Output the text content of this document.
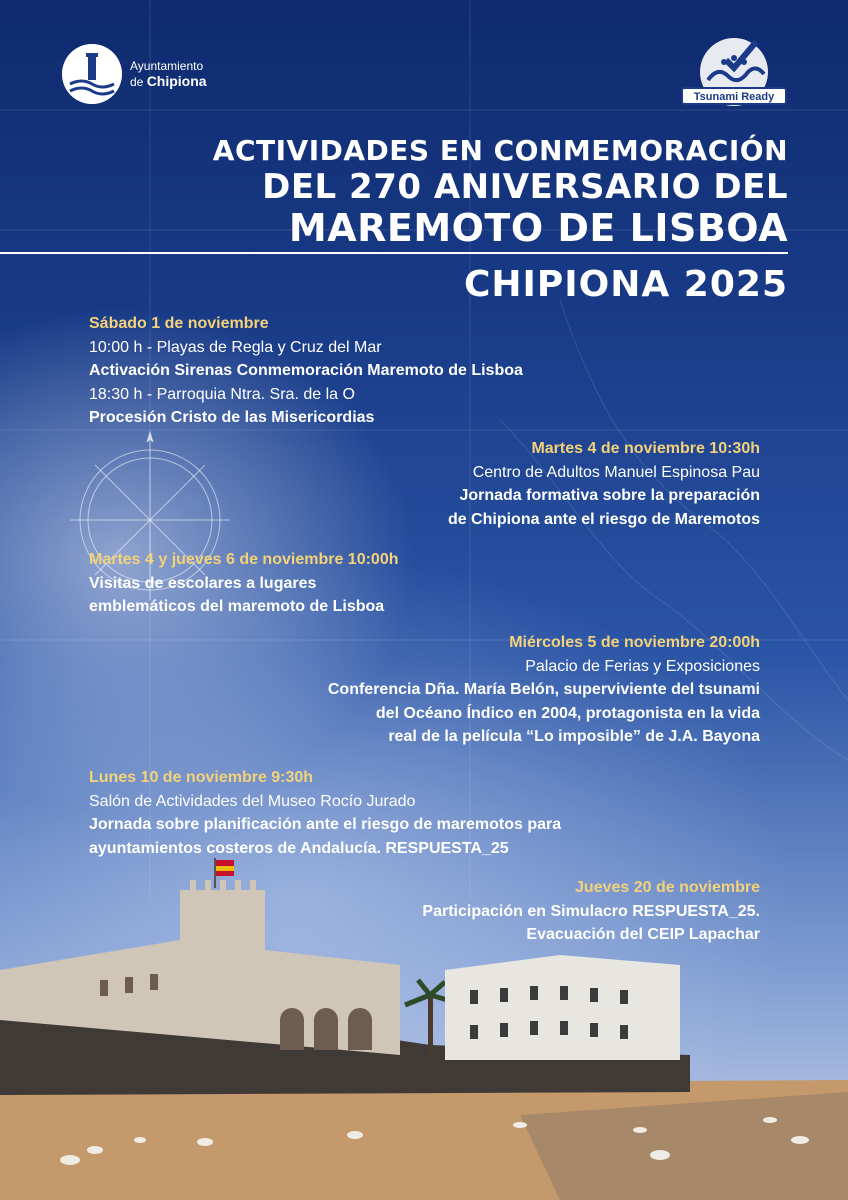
Ayuntamiento
de Chipiona
Tsunami Ready
ACTIVIDADES EN CONMEMORACIÓN
DEL 270 ANIVERSARIO DEL
MAREMOTO DE LISBOA
CHIPIONA 2025
Sábado 1 de noviembre
10:00 h - Playas de Regla y Cruz del Mar
Activación Sirenas Conmemoración Maremoto de Lisboa
18:30 h - Parroquia Ntra. Sra. de la O
Procesión Cristo de las Misericordias
Martes 4 de noviembre 10:30h
Centro de Adultos Manuel Espinosa Pau
Jornada formativa sobre la preparación
de Chipiona ante el riesgo de Maremotos
Martes 4 y jueves 6 de noviembre 10:00h
Visitas de escolares a lugares
emblemáticos del maremoto de Lisboa
Miércoles 5 de noviembre 20:00h
Palacio de Ferias y Exposiciones
Conferencia Dña. María Belón, superviviente del tsunami
del Océano Índico en 2004, protagonista en la vida
real de la película “Lo imposible” de J.A. Bayona
Lunes 10 de noviembre 9:30h
Salón de Actividades del Museo Rocío Jurado
Jornada sobre planificación ante el riesgo de maremotos para
ayuntamientos costeros de Andalucía. RESPUESTA_25
Jueves 20 de noviembre
Participación en Simulacro RESPUESTA_25.
Evacuación del CEIP Lapachar
